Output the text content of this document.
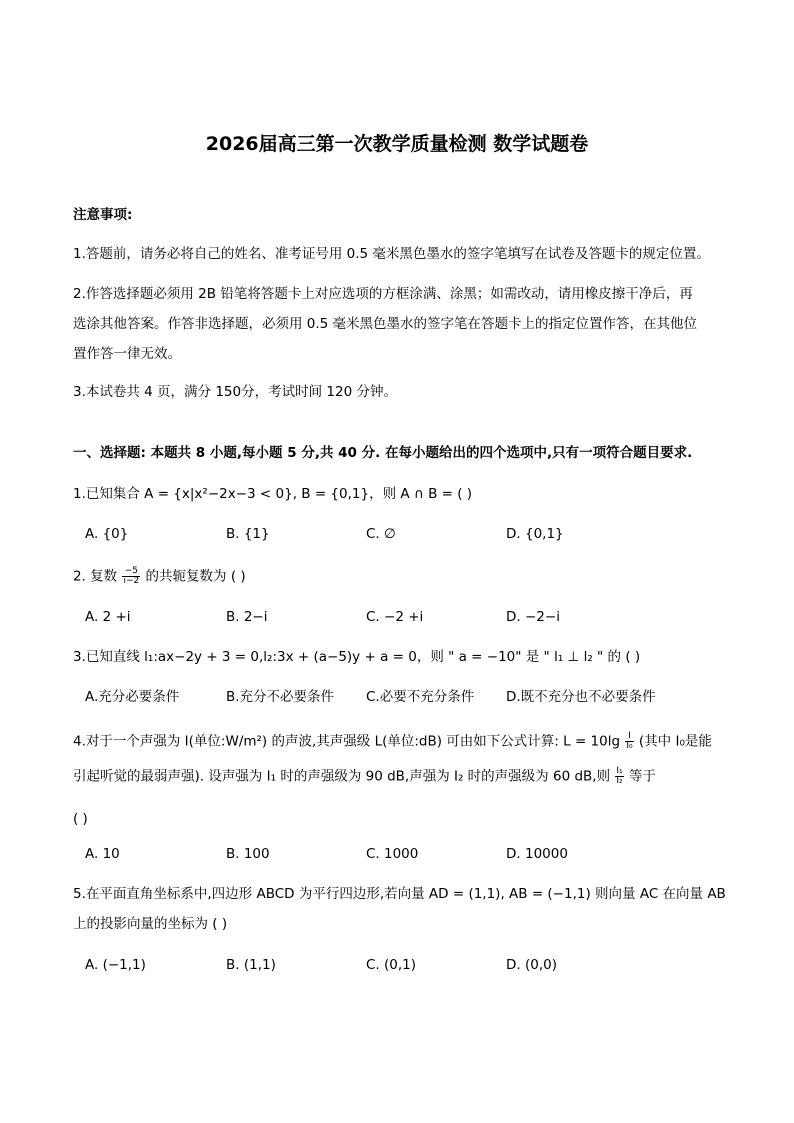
2026届高三第一次教学质量检测 数学试题卷
注意事项:
1.答题前，请务必将自己的姓名、准考证号用 0.5 毫米黑色墨水的签字笔填写在试卷及答题卡的规定位置。
2.作答选择题必须用 2B 铅笔将答题卡上对应选项的方框涂满、涂黑；如需改动，请用橡皮擦干净后，再
选涂其他答案。作答非选择题，必须用 0.5 毫米黑色墨水的签字笔在答题卡上的指定位置作答，在其他位
置作答一律无效。
3.本试卷共 4 页，满分 150分，考试时间 120 分钟。
一、选择题: 本题共 8 小题,每小题 5 分,共 40 分. 在每小题给出的四个选项中,只有一项符合题目要求.
1.已知集合 A = {x|x²−2x−3 < 0}, B = {0,1}，则 A ∩ B = ( )
A. {0}	B. {1}	C. ∅	D. {0,1}
2. 复数 $\frac{-5}{i-2}$ 的共轭复数为 ( )
A. 2 +i	B. 2−i	C. −2 +i	D. −2−i
3.已知直线 l₁:ax−2y + 3 = 0,l₂:3x + (a−5)y + a = 0，则 " a = −10" 是 " l₁ ⊥ l₂ " 的 ( )
A.充分必要条件	B.充分不必要条件 C.必要不充分条件 D.既不充分也不必要条件
4.对于一个声强为 I(单位:W/m²) 的声波,其声强级 L(单位:dB) 可由如下公式计算: $L = 10\lg \frac{I}{\text{I₀}}$ (其中 I₀是能
引起听觉的最弱声强). 设声强为 I₁ 时的声强级为 90 dB,声强为 I₂ 时的声强级为 60 dB,则 $\frac{\text{I₁}}{\text{I₂}}$ 等于
( )
A. 10	B. 100	C. 1000	D. 10000
5.在平面直角坐标系中,四边形 ABCD 为平行四边形,若向量 AD = (1,1), AB = (−1,1) 则向量 AC 在向量 AB
上的投影向量的坐标为 ( )
A. (−1,1)	B. (1,1)	C. (0,1)	D. (0,0)
